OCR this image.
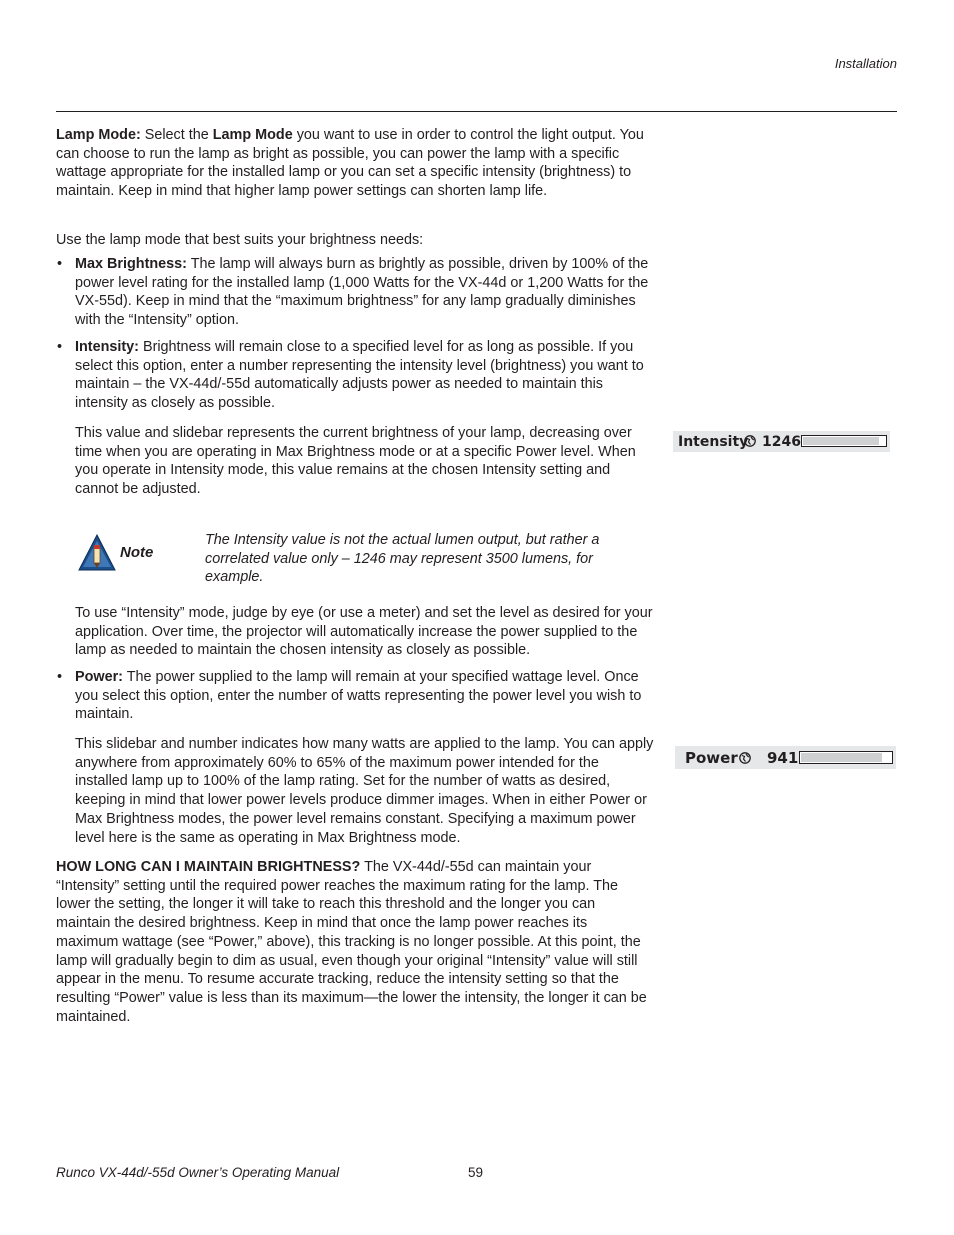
Installation

Lamp Mode: Select the Lamp Mode you want to use in order to control the light output. You can choose to run the lamp as bright as possible, you can power the lamp with a specific wattage appropriate for the installed lamp or you can set a specific intensity (brightness) to maintain. Keep in mind that higher lamp power settings can shorten lamp life.

Use the lamp mode that best suits your brightness needs:

• Max Brightness: The lamp will always burn as brightly as possible, driven by 100% of the power level rating for the installed lamp (1,000 Watts for the VX-44d or 1,200 Watts for the VX-55d). Keep in mind that the “maximum brightness” for any lamp gradually diminishes with the “Intensity” option.

• Intensity: Brightness will remain close to a specified level for as long as possible. If you select this option, enter a number representing the intensity level (brightness) you want to maintain – the VX-44d/-55d automatically adjusts power as needed to maintain this intensity as closely as possible.

This value and slidebar represents the current brightness of your lamp, decreasing over time when you are operating in Max Brightness mode or at a specific Power level. When you operate in Intensity mode, this value remains at the chosen Intensity setting and cannot be adjusted.

Intensity 1246
Note

The Intensity value is not the actual lumen output, but rather a correlated value only – 1246 may represent 3500 lumens, for example.

To use “Intensity” mode, judge by eye (or use a meter) and set the level as desired for your application. Over time, the projector will automatically increase the power supplied to the lamp as needed to maintain the chosen intensity as closely as possible.

• Power: The power supplied to the lamp will remain at your specified wattage level. Once you select this option, enter the number of watts representing the power level you wish to maintain.

This slidebar and number indicates how many watts are applied to the lamp. You can apply anywhere from approximately 60% to 65% of the maximum power intended for the installed lamp up to 100% of the lamp rating. Set for the number of watts as desired, keeping in mind that lower power levels produce dimmer images. When in either Power or Max Brightness modes, the power level remains constant. Specifying a maximum power level here is the same as operating in Max Brightness mode.

Power 941

HOW LONG CAN I MAINTAIN BRIGHTNESS? The VX-44d/-55d can maintain your “Intensity” setting until the required power reaches the maximum rating for the lamp. The lower the setting, the longer it will take to reach this threshold and the longer you can maintain the desired brightness. Keep in mind that once the lamp power reaches its maximum wattage (see “Power,” above), this tracking is no longer possible. At this point, the lamp will gradually begin to dim as usual, even though your original “Intensity” value will still appear in the menu. To resume accurate tracking, reduce the intensity setting so that the resulting “Power” value is less than its maximum—the lower the intensity, the longer it can be maintained.

Runco VX-44d/-55d Owner’s Operating Manual	59
